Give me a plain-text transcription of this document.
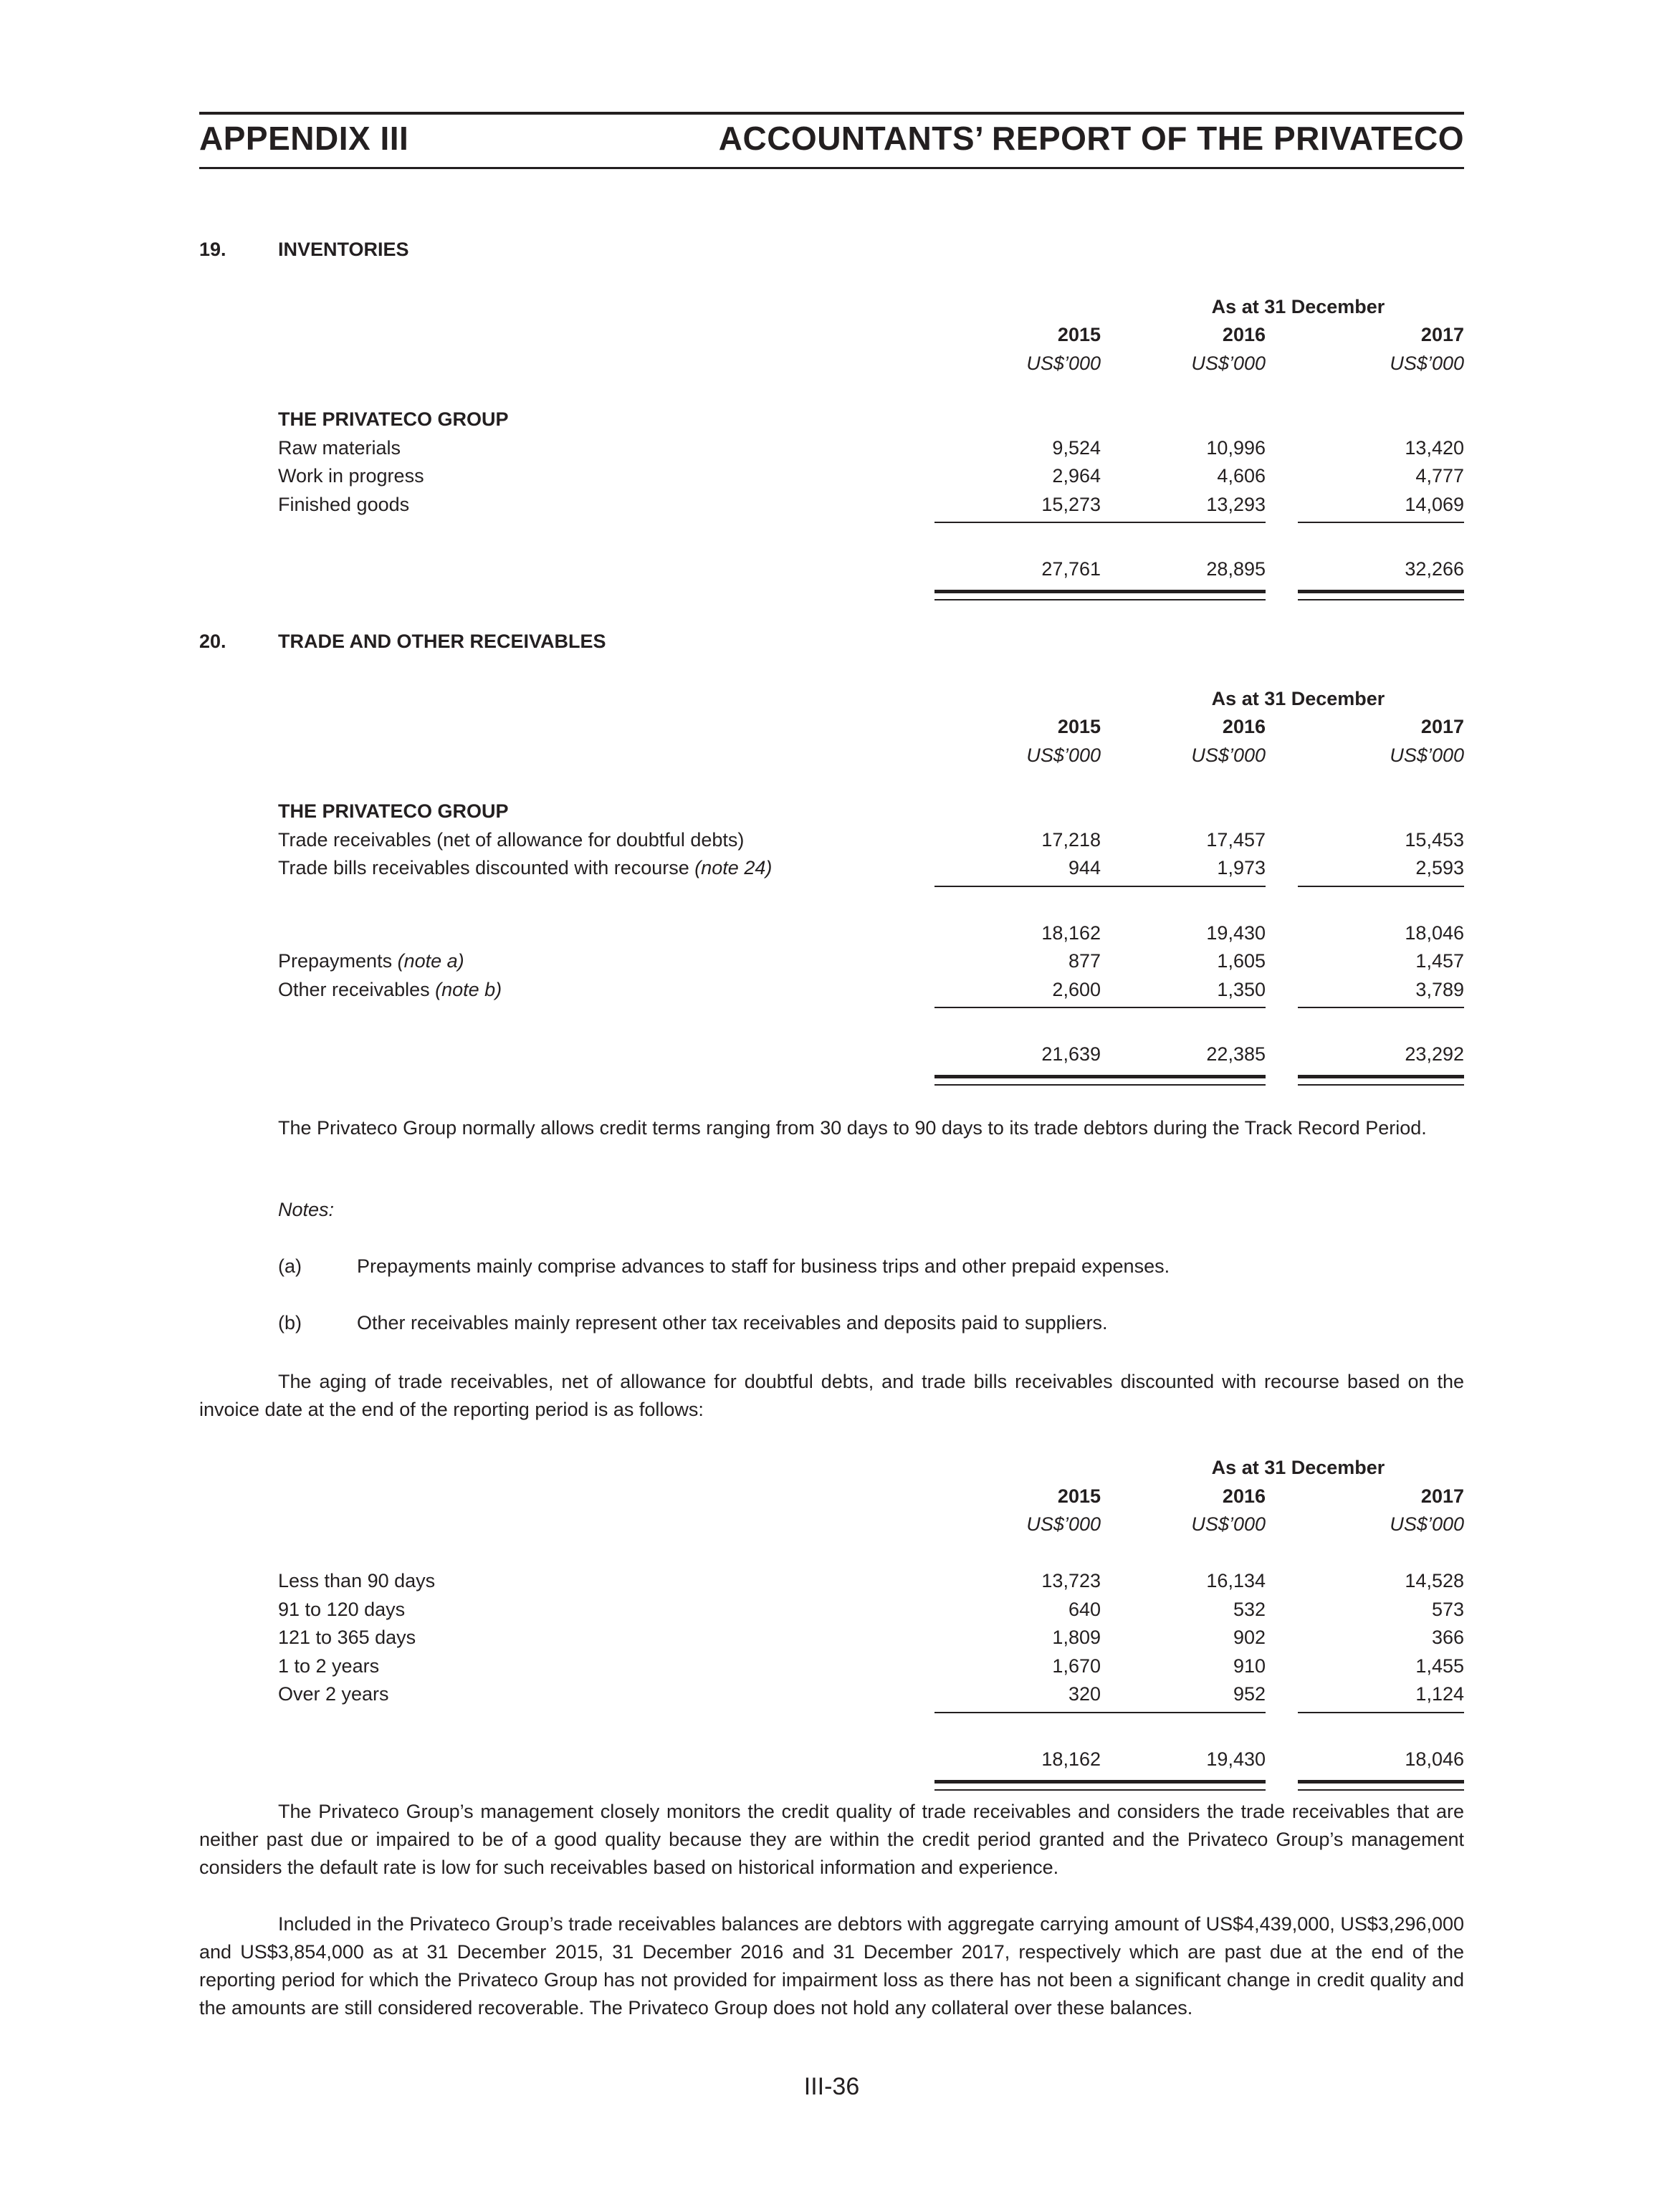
APPENDIX III	ACCOUNTANTS’ REPORT OF THE PRIVATECO
19.	INVENTORIES
As at 31 December
2015	2016	2017
US$’000	US$’000	US$’000
THE PRIVATECO GROUP
Raw materials	9,524	10,996	13,420
Work in progress	2,964	4,606	4,777
Finished goods	15,273	13,293	14,069
27,761	28,895	32,266
20.	TRADE AND OTHER RECEIVABLES
As at 31 December
2015	2016	2017
US$’000	US$’000	US$’000
THE PRIVATECO GROUP
Trade receivables (net of allowance for doubtful debts)	17,218	17,457	15,453
Trade bills receivables discounted with recourse (note 24)	944	1,973	2,593
18,162	19,430	18,046
Prepayments (note a)	877	1,605	1,457
Other receivables (note b)	2,600	1,350	3,789
21,639	22,385	23,292
The Privateco Group normally allows credit terms ranging from 30 days to 90 days to its trade debtors during the Track Record Period.
Notes:
(a)	Prepayments mainly comprise advances to staff for business trips and other prepaid expenses.
(b)	Other receivables mainly represent other tax receivables and deposits paid to suppliers.
The aging of trade receivables, net of allowance for doubtful debts, and trade bills receivables discounted with recourse based on the invoice date at the end of the reporting period is as follows:
As at 31 December
2015	2016	2017
US$’000	US$’000	US$’000
Less than 90 days	13,723	16,134	14,528
91 to 120 days	640	532	573
121 to 365 days	1,809	902	366
1 to 2 years	1,670	910	1,455
Over 2 years	320	952	1,124
18,162	19,430	18,046
The Privateco Group’s management closely monitors the credit quality of trade receivables and considers the trade receivables that are neither past due or impaired to be of a good quality because they are within the credit period granted and the Privateco Group’s management considers the default rate is low for such receivables based on historical information and experience.
Included in the Privateco Group’s trade receivables balances are debtors with aggregate carrying amount of US$4,439,000, US$3,296,000 and US$3,854,000 as at 31 December 2015, 31 December 2016 and 31 December 2017, respectively which are past due at the end of the reporting period for which the Privateco Group has not provided for impairment loss as there has not been a significant change in credit quality and the amounts are still considered recoverable. The Privateco Group does not hold any collateral over these balances.
III-36
